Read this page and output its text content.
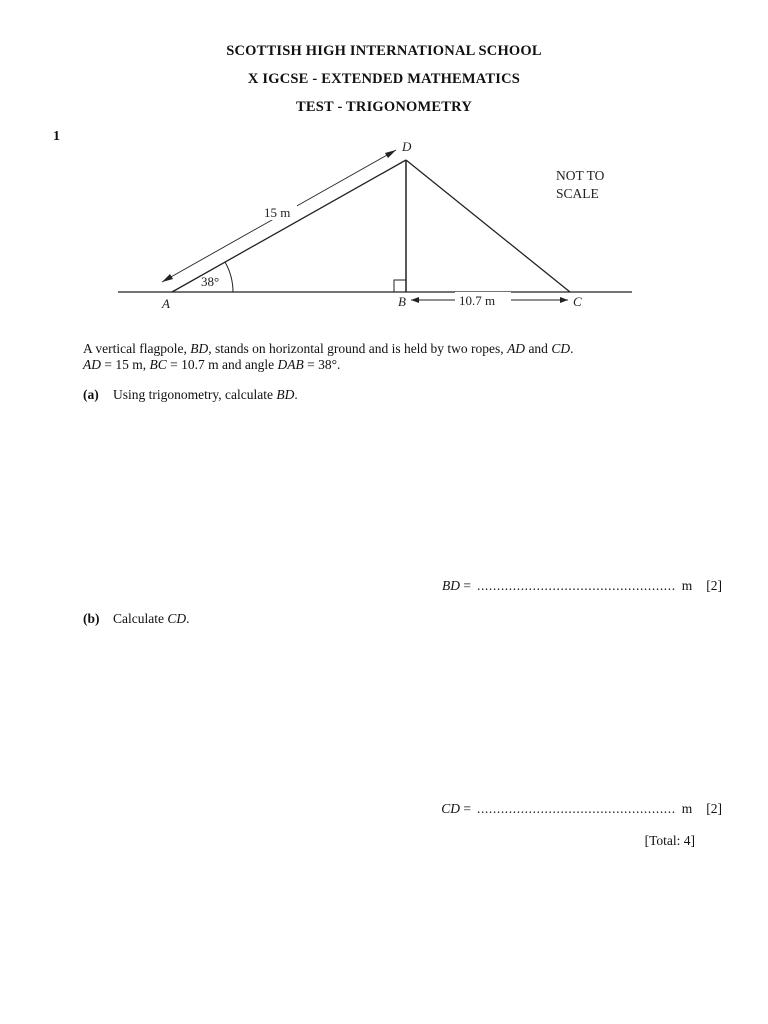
SCOTTISH HIGH INTERNATIONAL SCHOOL
X IGCSE - EXTENDED MATHEMATICS
TEST - TRIGONOMETRY
1
D
A	B	C
15 m
38°
10.7 m
NOT TO
SCALE
A vertical flagpole, BD, stands on horizontal ground and is held by two ropes, AD and CD.
AD = 15 m, BC = 10.7 m and angle DAB = 38°.
(a) Using trigonometry, calculate BD.
BD = .................................................. m [2]
(b) Calculate CD.
CD = .................................................. m [2]
[Total: 4]
